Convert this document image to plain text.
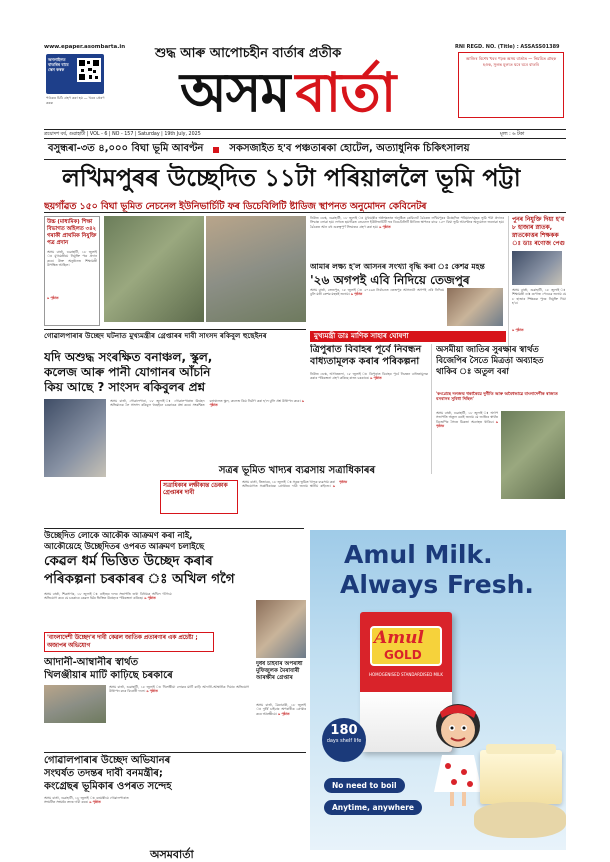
www.epaper.asombarta.in	RNI REGD. NO. (Title) : ASSASS01389
অনলাইনত বাতৰিৰ বাবে স্কেন কৰক
পাঠকৰ চিঠি গ্ৰহণ কৰা হয় — খবৰ প্ৰেৰণ কৰক
শুদ্ধ আৰু আপোচহীন বাৰ্তাৰ প্ৰতীক
অসম বাৰ্তা
আজিৰ বিশেষ খবৰ পঢ়ক অসম বাৰ্তাত — নিয়মিত গ্ৰাহক হওক, সুলভ মূল্যত ঘৰে ঘৰে বাতৰি
ত্ৰয়োদশ বৰ্ষ, গুৱাহাটী | VOL - 6 | NO - 157 | Saturday | 19th July, 2025	মূল্য : ৬ টকা
বসুন্ধৰা-৩ত ৪,০০০ বিঘা ভূমি আবণ্টন	সকসজাইত হ'ব পঞ্চতাৰকা হোটেল, অত্যাধুনিক চিকিৎসালয়
লখিমপুৰৰ উচ্ছেদিত ১১টা পৰিয়াললৈ ভূমি পট্টা
ছয়গাঁৱত ১৫০ বিঘা ভূমিত নেচনেল ইউনিভাৰ্চিটি ফৰ ডিচেবিলিটি ষ্টাডিজ স্থাপনত অনুমোদন কেবিনেটৰ
উচ্চ (মাধ্যমিক) শিক্ষা বিভাগত অহিলত ৩৪২ গৰাকী প্ৰাথমিক নিযুক্তি পত্ৰ প্ৰদান
অসম বাৰ্তা, গুৱাহাটী, ১৮ জুলাই ঃ মুখ্যমন্ত্ৰীয়ে নিযুক্তি পত্ৰ প্ৰদান কৰে। উক্ত অনুষ্ঠানত শিক্ষামন্ত্ৰী উপস্থিত আছিল।
৯ পৃষ্ঠাত
নিউজ ডেস্ক, গুৱাহাটী, ১৮ জুলাই ঃ মুখ্যমন্ত্ৰীৰ অধ্যক্ষতাত অনুষ্ঠিত কেবিনেট বৈঠকত লখিমপুৰৰ উচ্ছেদিত পৰিয়ালসমূহক ভূমি পট্টা প্ৰদানৰ সিদ্ধান্ত লোৱা হয়। লগতে ছয়গাঁৱত নেচনেল ইউনিভাৰ্চিটি ফৰ ডিচেবিলিটি ষ্টাডিজ স্থাপনৰ বাবে ১৫০ বিঘা ভূমি আবণ্টনৰ অনুমোদন জনোৱা হয়। বৈঠকত আন বহু গুৰুত্বপূৰ্ণ সিদ্ধান্তও গ্ৰহণ কৰা হয়। ৯ পৃষ্ঠাত
পুনৰ নিযুক্তি দিয়া হ'ব ৮ হাজাৰ স্নাতক, স্নাতকোত্তৰ শিক্ষকক ঃ ডাঃ ৰণোজ পেগু
অসম বাৰ্তা, গুৱাহাটী, ১৮ জুলাই ঃ শিক্ষামন্ত্ৰী ডাঃ ৰণোজ পেগুৱে জনায় যে ৮ হাজাৰ শিক্ষকক পুনৰ নিযুক্তি দিয়া হ'ব।
৯ পৃষ্ঠাত
আমাৰ লক্ষ্য হ'ল আসনৰ সংখ্যা বৃদ্ধি কৰা ঃ কেশৱ মহন্ত
'২৬ অগপই এবি নিদিয়ে তেজপুৰ
অসম বাৰ্তা, তেজপুৰ, ১৮ জুলাই ঃ ২০২৬ৰ নিৰ্বাচনত তেজপুৰ আসনটো অগপই এৰি নিদিয়ে বুলি মন্ত্ৰী কেশৱ মহন্তই জনায়। ৯ পৃষ্ঠাত
গোৱালপাৰাৰ উচ্ছেদ ঘটনাত মুখ্যমন্ত্ৰীৰ গ্ৰেপ্তাৰৰ দাবী সাংসদ ৰকিবুল হুছেইনৰ	মুখ্যমন্ত্ৰী ডাঃ মাণিক সাহাৰ ঘোষণা
যদি অশুদ্ধ সংৰক্ষিত বনাঞ্চল, স্কুল,
কলেজ আৰু পানী যোগানৰ আঁচনি
কিয় আছে ? সাংসদ ৰকিবুলৰ প্ৰশ্ন
অসম বাৰ্তা, গোৱালপাৰা, ১৮ জুলাই ঃ গোৱালপাৰাত উচ্ছেদ অভিযানক লৈ সাংসদ ৰকিবুল হুছেইনে চৰকাৰক প্ৰশ্ন কৰে। সংৰক্ষিত বনাঞ্চলত স্কুল, কলেজ কিয় নিৰ্মাণ কৰা হ'ল বুলি প্ৰশ্ন উত্থাপন কৰে। ৯ পৃষ্ঠাত
ত্ৰিপুৰাত বিবাহৰ পূৰ্বে নিবন্ধন বাধ্যতামূলক কৰাৰ পৰিকল্পনা
নিউজ ডেস্ক, আগৰতলা, ১৮ জুলাই ঃ ত্ৰিপুৰাত বিবাহৰ পূৰ্বে নিবন্ধন বাধ্যতামূলক কৰাৰ পৰিকল্পনা গ্ৰহণ কৰিছে ৰাজ্য চৰকাৰে। ৯ পৃষ্ঠাত
অসমীয়া জাতিৰ সুৰক্ষাৰ স্বাৰ্থত বিজেপিৰ সৈতে মিত্ৰতা অব্যাহত থাকিব ঃ অতুল বৰা
'কংগ্ৰেছে দলজন্ম থকাকৈয়ে দুৰ্নীতি আৰু অবৈধভাৱে বাংলাদেশীক ৰাজ্যত বসবাসৰ সুবিধা দিছিল'
অসম বাৰ্তা, গুৱাহাটী, ১৮ জুলাই ঃ অগপ সভাপতি অতুল বৰাই জনায় যে জাতিৰ স্বাৰ্থত বিজেপিৰ সৈতে মিত্ৰতা অব্যাহত থাকিব। ৯ পৃষ্ঠাত
সত্ৰৰ ভূমিত খাদ্যৰ ব্যৱসায় সত্ৰাধিকাৰৰ
সত্ৰাধিকাৰ লক্ষীকান্ত ডেকাক গ্ৰেপ্তাৰৰ দাবী
অসম বাৰ্তা, তিতাবৰ, ১৮ জুলাই ঃ সত্ৰৰ ভূমিত খাদ্যৰ ব্যৱসায় কৰা অভিযোগত সত্ৰাধিকাৰক গ্ৰেপ্তাৰৰ দাবী জনায় স্থানীয় ৰাইজে। ৯ পৃষ্ঠাত
উচ্ছেদিত লোকে আকৌক আক্ৰমণ কৰা নাই,
আকৌয়েহে উচ্ছেদিতৰ ওপৰত আক্ৰমণ চলাইছে
কেৱল ধৰ্ম ভিত্তিত উচ্ছেদ কৰাৰ
পৰিকল্পনা চৰকাৰৰ ঃ অখিল গগৈ
অসম বাৰ্তা, শিৱসাগৰ, ১৮ জুলাই ঃ ৰাইজৰ দলৰ সভাপতি তথা বিধায়ক অখিল গগৈয়ে অভিযোগ কৰে যে চৰকাৰে কেৱল ধৰ্মৰ ভিত্তিত উচ্ছেদৰ পৰিকল্পনা কৰিছে। ৯ পৃষ্ঠাত
'বাংলাদেশী উচ্ছেদ'ৰ দাবী কেৱল জাতিক প্ৰতাৰণাৰ এক প্ৰচেষ্টা ; অজাপৰ অভিযোগ
আদানী-আম্বানীৰ স্বাৰ্থত
খিলঞ্জীয়াৰ মাটি কাঢ়িছে চৰকাৰে
অসম বাৰ্তা, গুৱাহাটী, ১৮ জুলাই ঃ খিলঞ্জীয়া লোকৰ মাটি কাঢ়ি আদানী-আম্বানীক দিয়াৰ অভিযোগ উত্থাপন কৰে বিৰোধী দলে। ৯ পৃষ্ঠাত
দুৰ্ধৰ্ষ চাইবাৰ অপৰাধী মুফিজুলক মৈৰাবাৰী আৰক্ষীৰ গ্ৰেপ্তাৰ
অসম বাৰ্তা, মৈৰাবাৰী, ১৮ জুলাই ঃ দুৰ্ধৰ্ষ চাইবাৰ অপৰাধীক গ্ৰেপ্তাৰ কৰে আৰক্ষীয়ে। ৯ পৃষ্ঠাত
গোৱালপাৰাৰ উচ্ছেদ অভিযানৰ
সংঘৰ্ষত তদন্তৰ দাবী বনমন্ত্ৰীৰ;
কংগ্ৰেছৰ ভূমিকাৰ ওপৰত সন্দেহ
অসম বাৰ্তা, গুৱাহাটী, ১৮ জুলাই ঃ বনমন্ত্ৰীয়ে গোৱালপাৰাত সংঘটিত সংঘৰ্ষৰ তদন্ত দাবী কৰে। ৯ পৃষ্ঠাত
Amul Milk.
Always Fresh.
Amul
GOLD
HOMOGENISED STANDARDISED MILK
180
days shelf life
No need to boil
Anytime, anywhere
অসমবাৰ্তা
